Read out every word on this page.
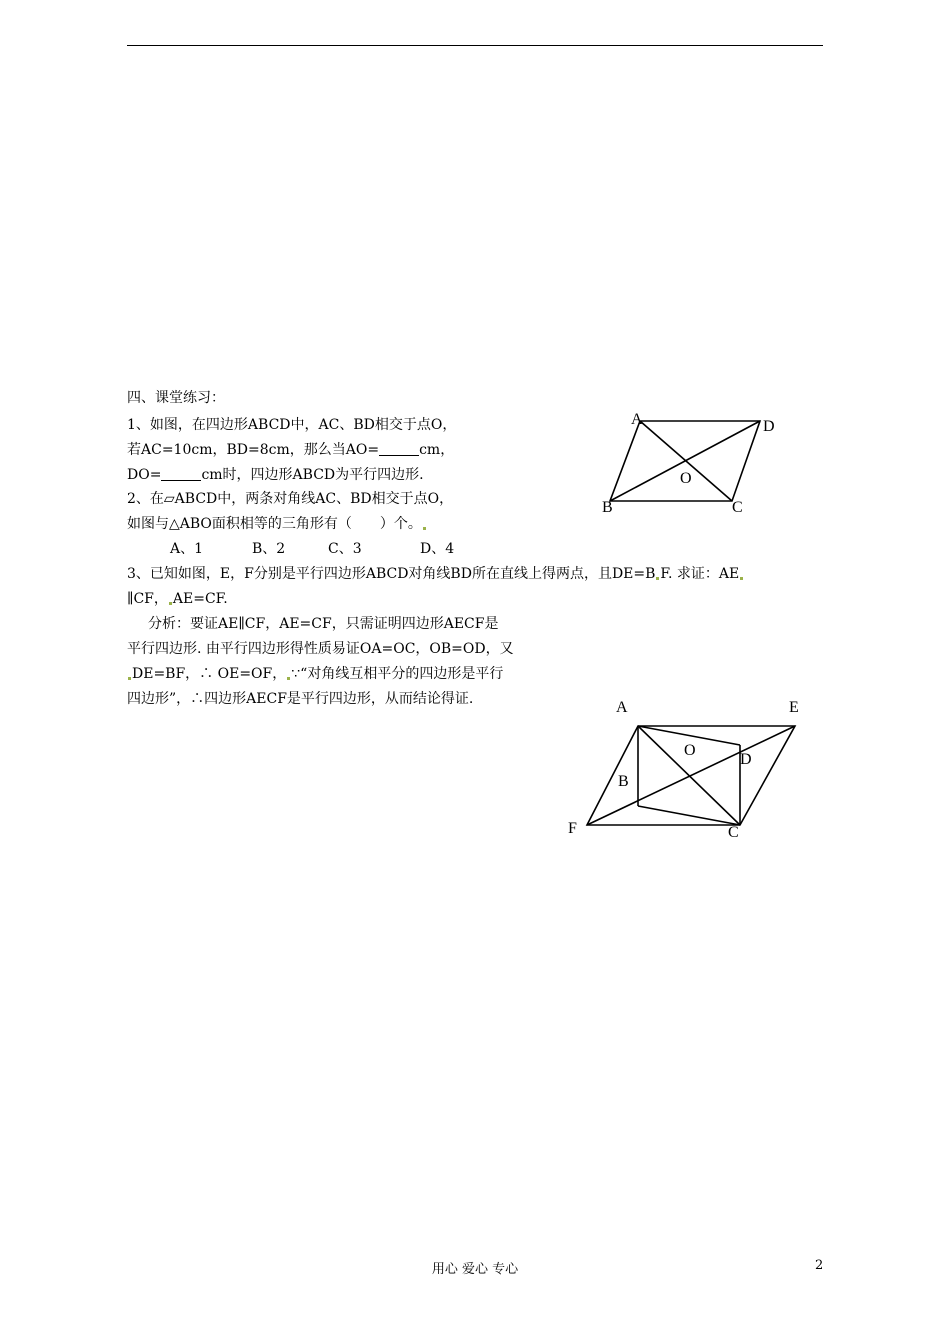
四、课堂练习：
1、如图，在四边形ABCD中，AC、BD相交于点O，
若AC=10cm，BD=8cm，那么当AO=	cm，
DO=	cm时，四边形ABCD为平行四边形.
2、在▱ABCD中，两条对角线AC、BD相交于点O，
如图与△ABO面积相等的三角形有（　　）个。
A、1	B、2	C、3	D、4
3、已知如图，E，F分别是平行四边形ABCD对角线BD所在直线上得两点，且DE=B F. 求证：AE
∥CF， AE=CF.
分析：要证AE∥CF，AE=CF，只需证明四边形AECF是
平行四边形. 由平行四边形得性质易证OA=OC，OB=OD，又
DE=BF，∴ OE=OF， ∵“对角线互相平分的四边形是平行
四边形”，∴四边形AECF是平行四边形，从而结论得证.
A	D
O
B	C
A	E
O
D
B
F	C
用心 爱心 专心	2
